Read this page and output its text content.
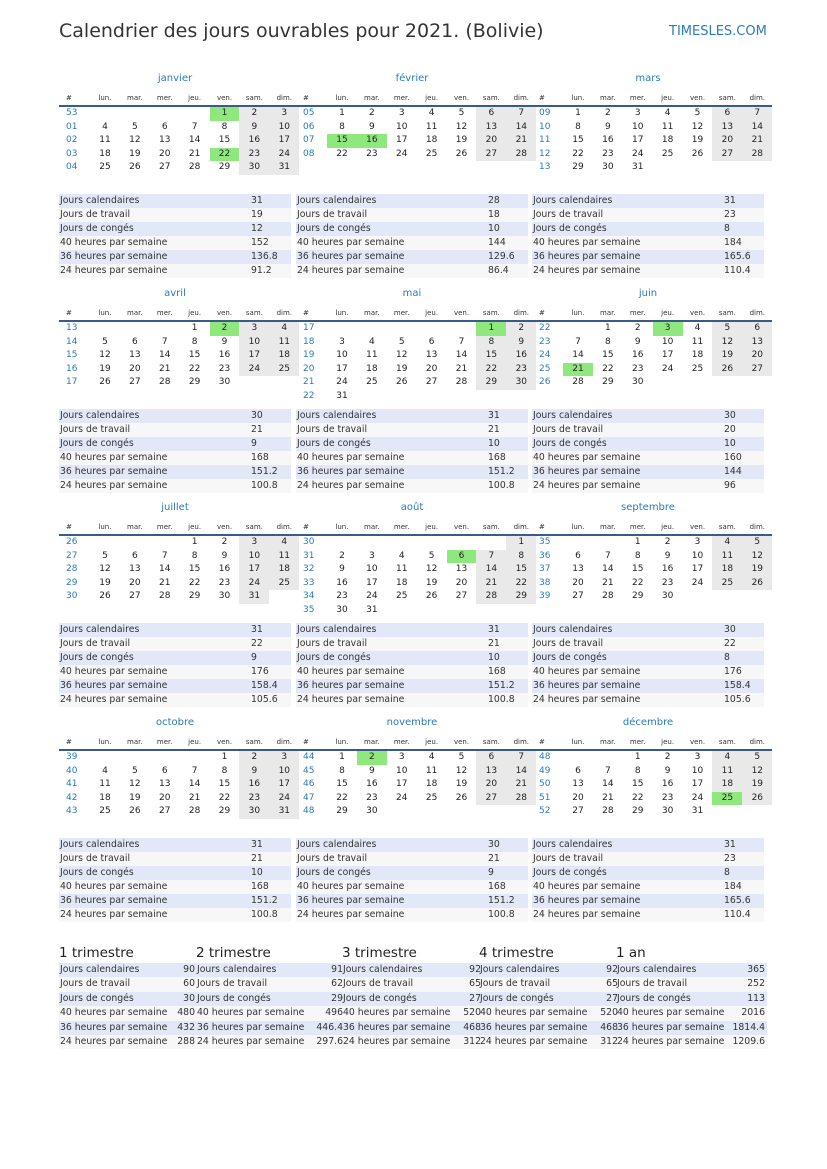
Calendrier des jours ouvrables pour 2021. (Bolivie)	TIMESLES.COM
janvier
#	lun.	mar.	mer.	jeu.	ven.	sam.	dim.
53					1	2	3
01	4	5	6	7	8	9	10
02	11	12	13	14	15	16	17
03	18	19	20	21	22	23	24
04	25	26	27	28	29	30	31
Jours calendaires	31
Jours de travail	19
Jours de congés	12
40 heures par semaine	152
36 heures par semaine	136.8
24 heures par semaine	91.2
février
#	lun.	mar.	mer.	jeu.	ven.	sam.	dim.
05	1	2	3	4	5	6	7
06	8	9	10	11	12	13	14
07	15	16	17	18	19	20	21
08	22	23	24	25	26	27	28
Jours calendaires	28
Jours de travail	18
Jours de congés	10
40 heures par semaine	144
36 heures par semaine	129.6
24 heures par semaine	86.4
mars
#	lun.	mar.	mer.	jeu.	ven.	sam.	dim.
09	1	2	3	4	5	6	7
10	8	9	10	11	12	13	14
11	15	16	17	18	19	20	21
12	22	23	24	25	26	27	28
13	29	30	31				
Jours calendaires	31
Jours de travail	23
Jours de congés	8
40 heures par semaine	184
36 heures par semaine	165.6
24 heures par semaine	110.4
avril
#	lun.	mar.	mer.	jeu.	ven.	sam.	dim.
13				1	2	3	4
14	5	6	7	8	9	10	11
15	12	13	14	15	16	17	18
16	19	20	21	22	23	24	25
17	26	27	28	29	30		
Jours calendaires	30
Jours de travail	21
Jours de congés	9
40 heures par semaine	168
36 heures par semaine	151.2
24 heures par semaine	100.8
mai
#	lun.	mar.	mer.	jeu.	ven.	sam.	dim.
17						1	2
18	3	4	5	6	7	8	9
19	10	11	12	13	14	15	16
20	17	18	19	20	21	22	23
21	24	25	26	27	28	29	30
22	31						
Jours calendaires	31
Jours de travail	21
Jours de congés	10
40 heures par semaine	168
36 heures par semaine	151.2
24 heures par semaine	100.8
juin
#	lun.	mar.	mer.	jeu.	ven.	sam.	dim.
22		1	2	3	4	5	6
23	7	8	9	10	11	12	13
24	14	15	16	17	18	19	20
25	21	22	23	24	25	26	27
26	28	29	30				
Jours calendaires	30
Jours de travail	20
Jours de congés	10
40 heures par semaine	160
36 heures par semaine	144
24 heures par semaine	96
juillet
#	lun.	mar.	mer.	jeu.	ven.	sam.	dim.
26				1	2	3	4
27	5	6	7	8	9	10	11
28	12	13	14	15	16	17	18
29	19	20	21	22	23	24	25
30	26	27	28	29	30	31	
Jours calendaires	31
Jours de travail	22
Jours de congés	9
40 heures par semaine	176
36 heures par semaine	158.4
24 heures par semaine	105.6
août
#	lun.	mar.	mer.	jeu.	ven.	sam.	dim.
30							1
31	2	3	4	5	6	7	8
32	9	10	11	12	13	14	15
33	16	17	18	19	20	21	22
34	23	24	25	26	27	28	29
35	30	31					
Jours calendaires	31
Jours de travail	21
Jours de congés	10
40 heures par semaine	168
36 heures par semaine	151.2
24 heures par semaine	100.8
septembre
#	lun.	mar.	mer.	jeu.	ven.	sam.	dim.
35			1	2	3	4	5
36	6	7	8	9	10	11	12
37	13	14	15	16	17	18	19
38	20	21	22	23	24	25	26
39	27	28	29	30			
Jours calendaires	30
Jours de travail	22
Jours de congés	8
40 heures par semaine	176
36 heures par semaine	158.4
24 heures par semaine	105.6
octobre
#	lun.	mar.	mer.	jeu.	ven.	sam.	dim.
39					1	2	3
40	4	5	6	7	8	9	10
41	11	12	13	14	15	16	17
42	18	19	20	21	22	23	24
43	25	26	27	28	29	30	31
Jours calendaires	31
Jours de travail	21
Jours de congés	10
40 heures par semaine	168
36 heures par semaine	151.2
24 heures par semaine	100.8
novembre
#	lun.	mar.	mer.	jeu.	ven.	sam.	dim.
44	1	2	3	4	5	6	7
45	8	9	10	11	12	13	14
46	15	16	17	18	19	20	21
47	22	23	24	25	26	27	28
48	29	30					
Jours calendaires	30
Jours de travail	21
Jours de congés	9
40 heures par semaine	168
36 heures par semaine	151.2
24 heures par semaine	100.8
décembre
#	lun.	mar.	mer.	jeu.	ven.	sam.	dim.
48			1	2	3	4	5
49	6	7	8	9	10	11	12
50	13	14	15	16	17	18	19
51	20	21	22	23	24	25	26
52	27	28	29	30	31		
Jours calendaires	31
Jours de travail	23
Jours de congés	8
40 heures par semaine	184
36 heures par semaine	165.6
24 heures par semaine	110.4
1 trimestre
Jours calendaires	90
Jours de travail	60
Jours de congés	30
40 heures par semaine	480
36 heures par semaine	432
24 heures par semaine	288
2 trimestre
Jours calendaires	91
Jours de travail	62
Jours de congés	29
40 heures par semaine	496
36 heures par semaine	446.4
24 heures par semaine	297.6
3 trimestre
Jours calendaires	92
Jours de travail	65
Jours de congés	27
40 heures par semaine	520
36 heures par semaine	468
24 heures par semaine	312
4 trimestre
Jours calendaires	92
Jours de travail	65
Jours de congés	27
40 heures par semaine	520
36 heures par semaine	468
24 heures par semaine	312
1 an
Jours calendaires	365
Jours de travail	252
Jours de congés	113
40 heures par semaine	2016
36 heures par semaine	1814.4
24 heures par semaine	1209.6
